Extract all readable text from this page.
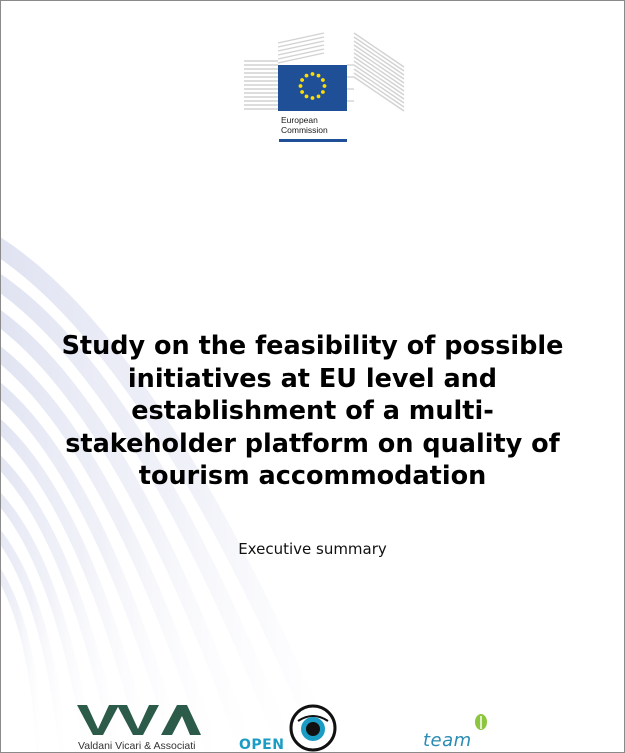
European
Commission
Study on the feasibility of possible initiatives at EU level and establishment of a multi-stakeholder platform on quality of tourism accommodation
Executive summary
Valdani Vicari & Associati	OPEN	team
